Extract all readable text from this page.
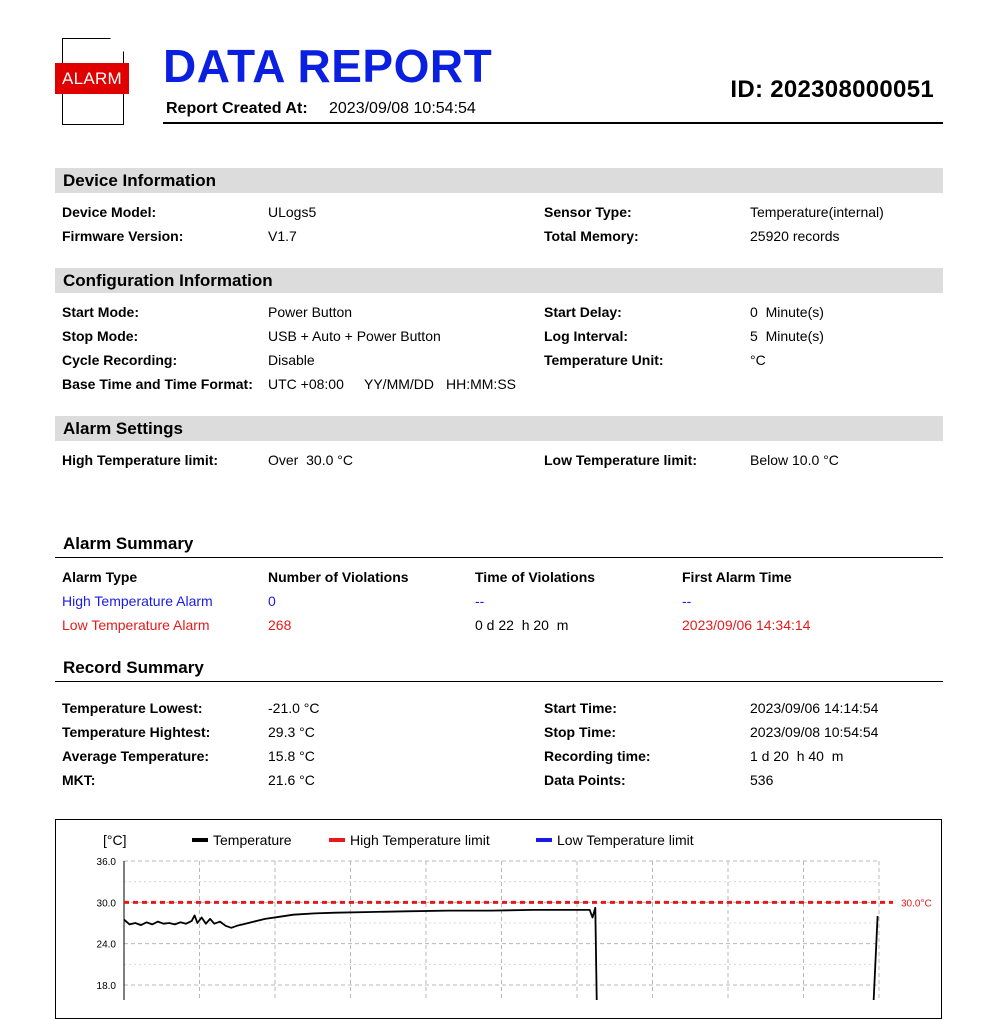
ALARM DATA REPORT
Report Created At: 2023/09/08 10:54:54
ID: 202308000051
Device Information
Device Model:	ULogs5
Firmware Version:	V1.7
Sensor Type:	Temperature(internal)
Total Memory:	25920 records
Configuration Information
Start Mode:	Power Button
Stop Mode:	USB + Auto + Power Button
Cycle Recording:	Disable
Base Time and Time Format: UTC +08:00 YY/MM/DD HH:MM:SS
Start Delay:	0  Minute(s)
Log Interval:	5  Minute(s)
Temperature Unit:	°C
Alarm Settings
High Temperature limit:	Over  30.0 °C	Low Temperature limit:	Below 10.0 °C
Alarm Summary
Alarm Type	Number of Violations	Time of Violations	First Alarm Time
High Temperature Alarm	0	--	--
Low Temperature Alarm	268	0 d 22  h 20  m	2023/09/06 14:34:14
Record Summary
Temperature Lowest:	-21.0 °C
Temperature Hightest:	29.3 °C
Average Temperature:	15.8 °C
MKT:	21.6 °C
Start Time:	2023/09/06 14:14:54
Stop Time:	2023/09/08 10:54:54
Recording time:	1 d 20  h 40  m
Data Points:	536
[°C]	Temperature	High Temperature limit	Low Temperature limit
36.0
30.0
24.0
18.0
30.0°C
